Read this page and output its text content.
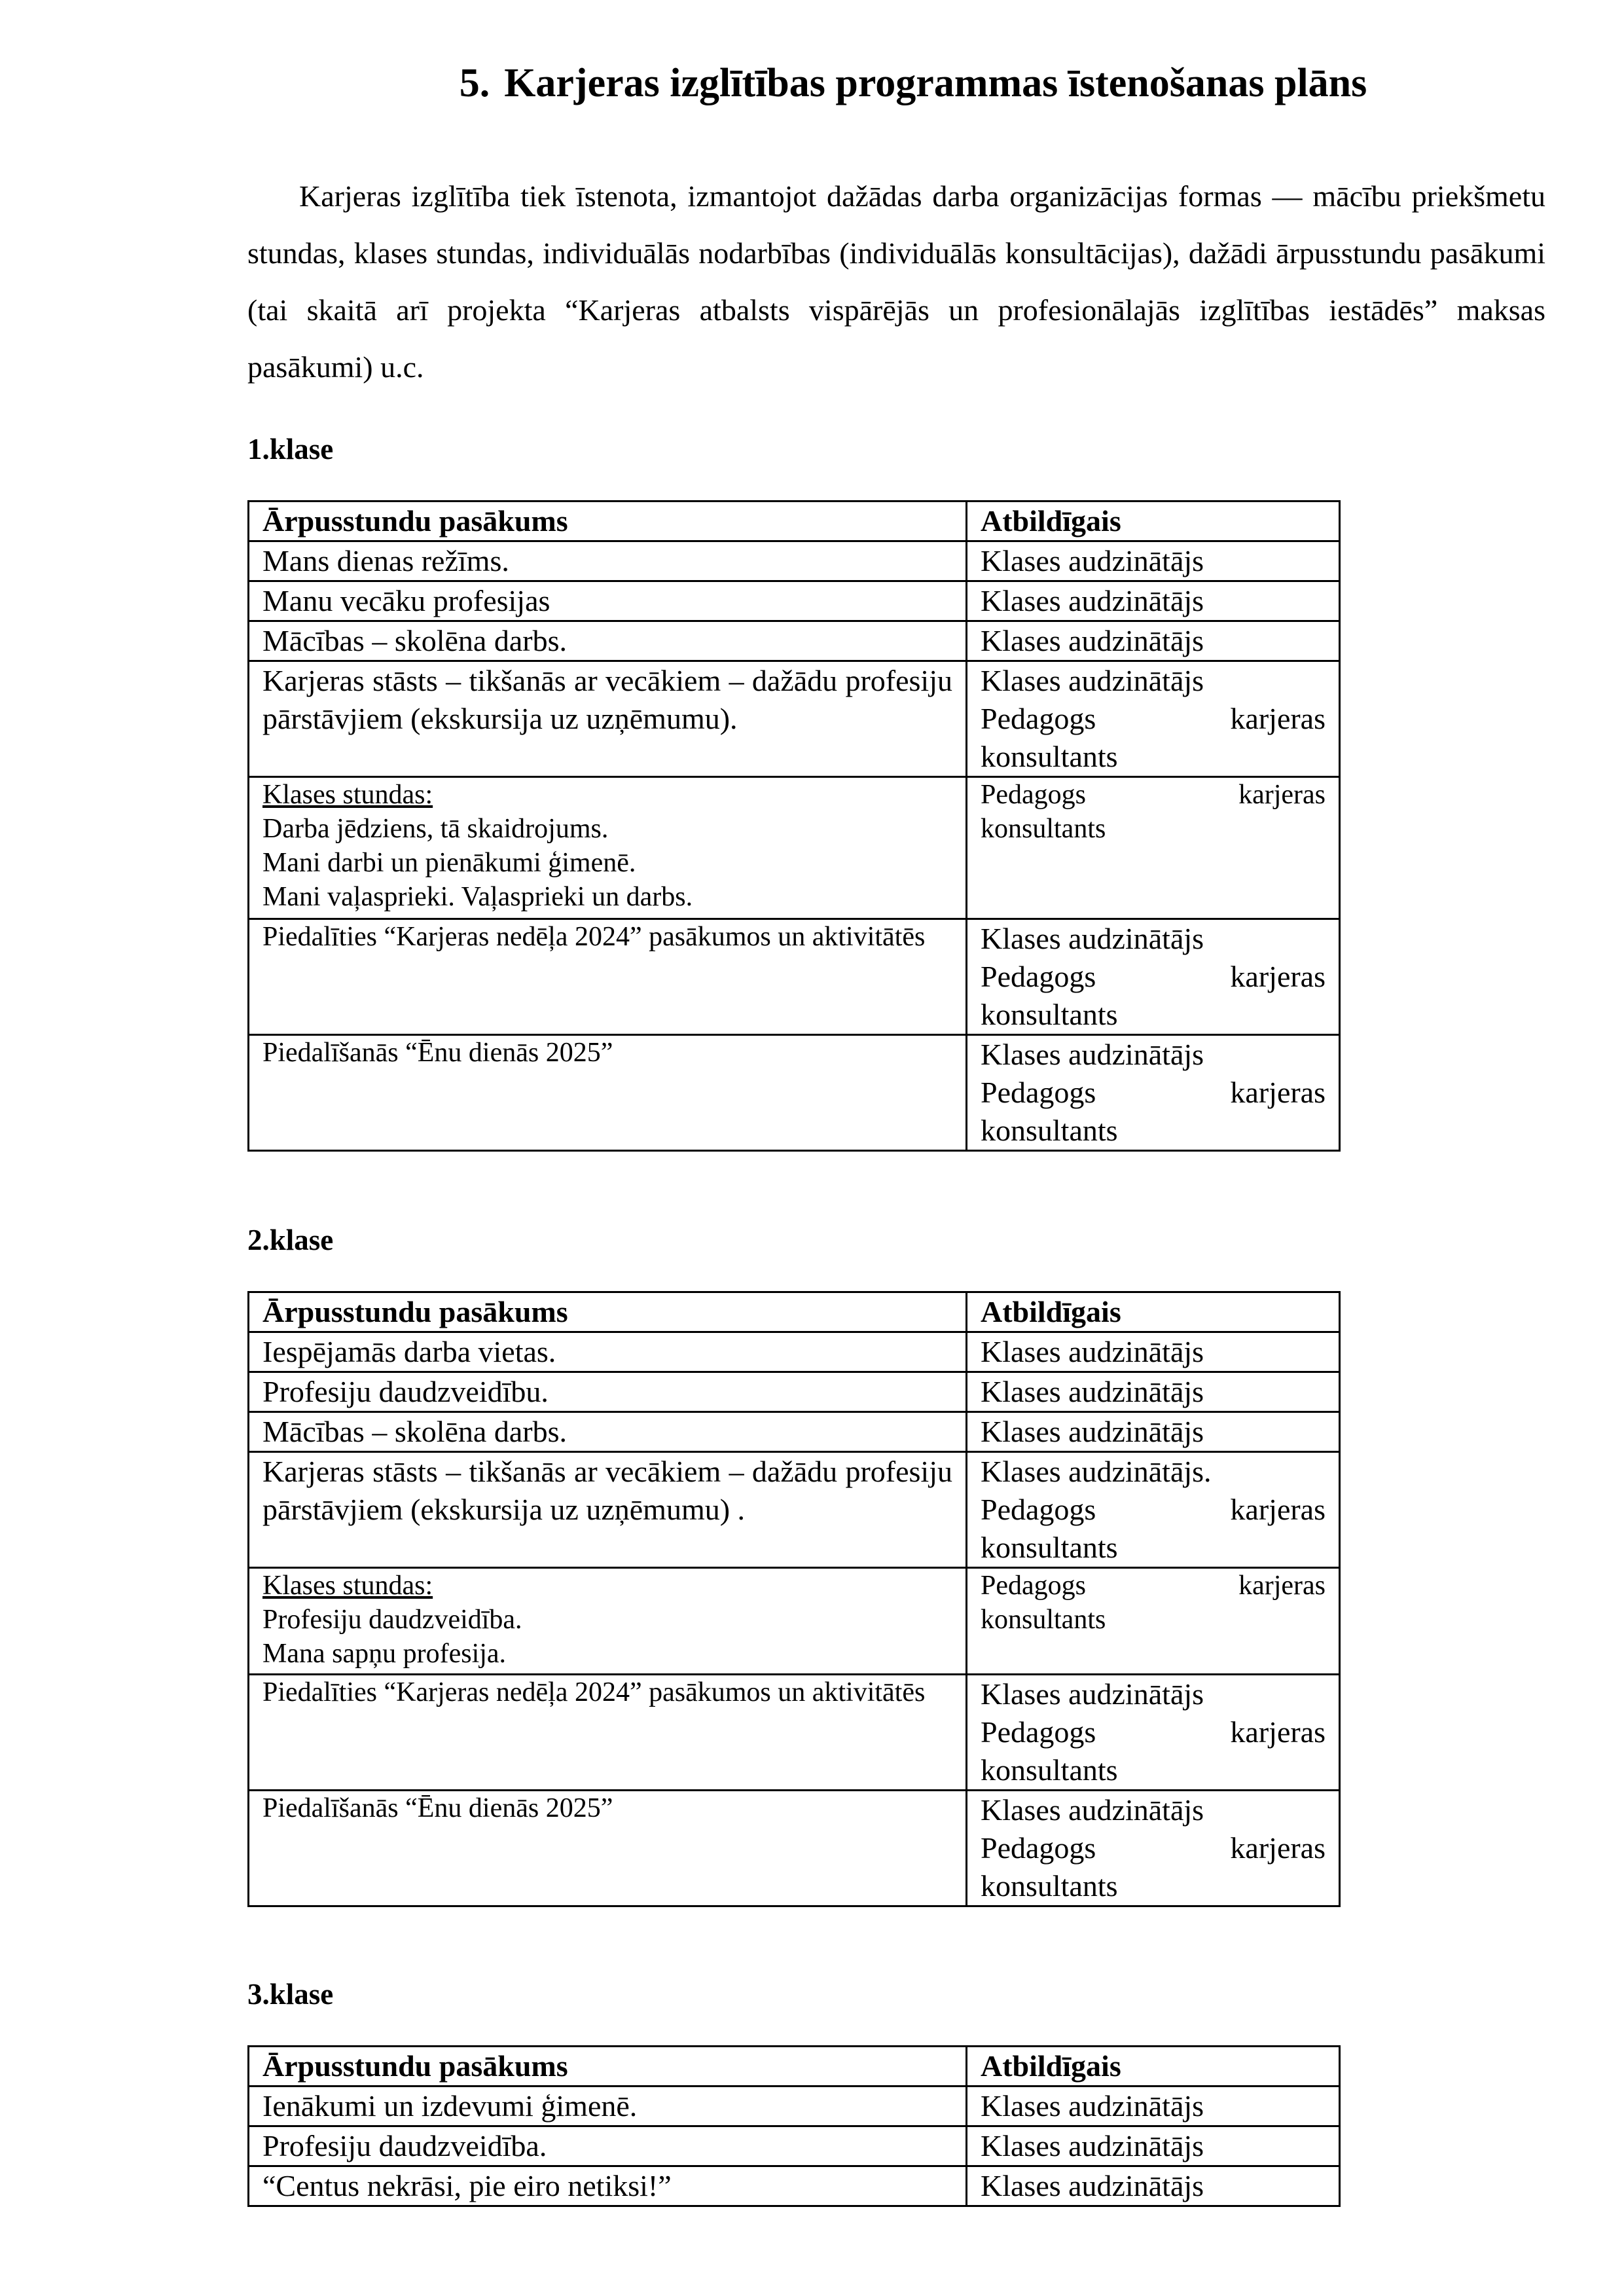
5. Karjeras izglītības programmas īstenošanas plāns

Karjeras izglītība tiek īstenota, izmantojot dažādas darba organizācijas formas — mācību priekšmetu stundas, klases stundas, individuālās nodarbības (individuālās konsultācijas), dažādi ārpusstundu pasākumi (tai skaitā arī projekta “Karjeras atbalsts vispārējās un profesionālajās izglītības iestādēs” maksas pasākumi) u.c.

1.klase

Ārpusstundu pasākums	Atbildīgais
Mans dienas režīms.	Klases audzinātājs
Manu vecāku profesijas	Klases audzinātājs
Mācības – skolēna darbs.	Klases audzinātājs
Karjeras stāsts – tikšanās ar vecākiem – dažādu profesiju pārstāvjiem (ekskursija uz uzņēmumu).	Klases audzinātājs
Pedagogs karjeras
konsultants

Klases stundas:
Darba jēdziens, tā skaidrojums.
Mani darbi un pienākumi ģimenē.
Mani vaļasprieki. Vaļasprieki un darbs.	Pedagogs karjeras
konsultants

Piedalīties “Karjeras nedēļa 2024” pasākumos un aktivitātēs	Klases audzinātājs
Pedagogs karjeras
konsultants

Piedalīšanās “Ēnu dienās 2025”	Klases audzinātājs
Pedagogs karjeras
konsultants

2.klase

Ārpusstundu pasākums	Atbildīgais
Iespējamās darba vietas.	Klases audzinātājs
Profesiju daudzveidību.	Klases audzinātājs
Mācības – skolēna darbs.	Klases audzinātājs
Karjeras stāsts – tikšanās ar vecākiem – dažādu profesiju pārstāvjiem (ekskursija uz uzņēmumu) .	Klases audzinātājs.
Pedagogs karjeras
konsultants

Klases stundas:
Profesiju daudzveidība.
Mana sapņu profesija.	Pedagogs karjeras
konsultants

Piedalīties “Karjeras nedēļa 2024” pasākumos un aktivitātēs	Klases audzinātājs
Pedagogs karjeras
konsultants

Piedalīšanās “Ēnu dienās 2025”	Klases audzinātājs
Pedagogs karjeras
konsultants

3.klase

Ārpusstundu pasākums	Atbildīgais
Ienākumi un izdevumi ģimenē.	Klases audzinātājs
Profesiju daudzveidība.	Klases audzinātājs
“Centus nekrāsi, pie eiro netiksi!”	Klases audzinātājs
